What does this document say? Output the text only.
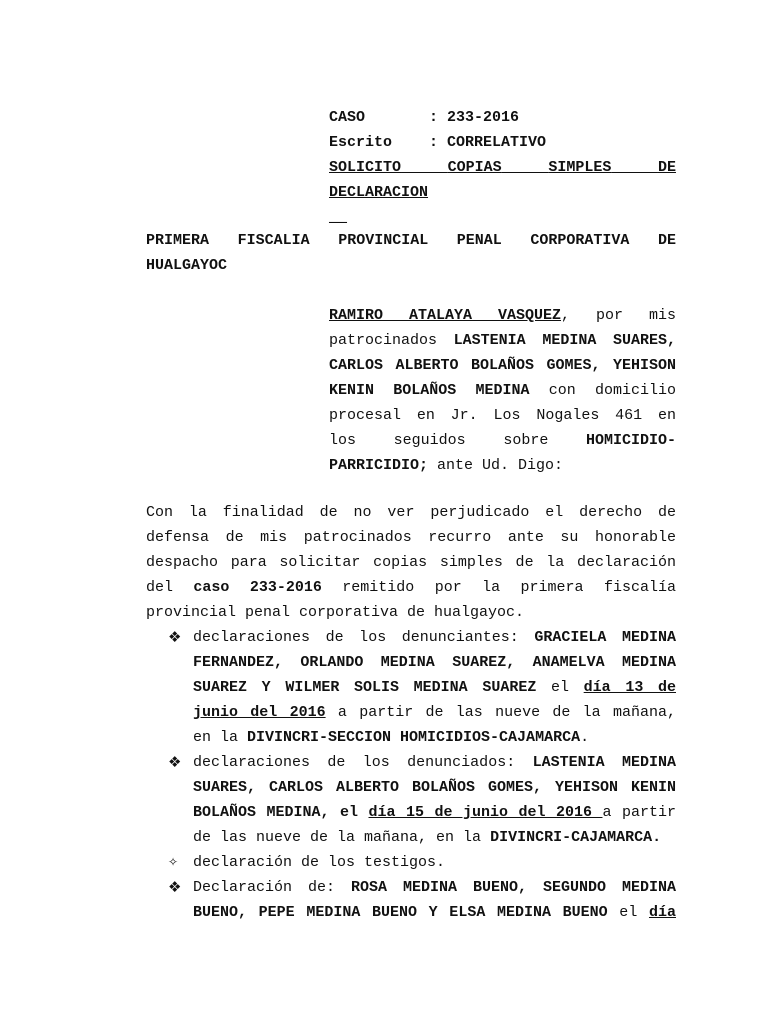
CASO	: 233-2016
Escrito	: CORRELATIVO
SOLICITO	COPIAS	SIMPLES	DE
DECLARACION
__
PRIMERA FISCALIA PROVINCIAL PENAL CORPORATIVA DE
HUALGAYOC
RAMIRO ATALAYA VASQUEZ, por mis
patrocinados LASTENIA MEDINA SUARES,
CARLOS ALBERTO BOLAÑOS GOMES, YEHISON
KENIN BOLAÑOS MEDINA con domicilio
procesal en Jr. Los Nogales 461 en
los seguidos sobre HOMICIDIO-
PARRICIDIO; ante Ud. Digo:
Con la finalidad de no ver perjudicado el derecho de
defensa de mis patrocinados recurro ante su honorable
despacho para solicitar copias simples de la declaración
del caso 233-2016 remitido por la primera fiscalía
provincial penal corporativa de hualgayoc.
❖ declaraciones de los denunciantes: GRACIELA MEDINA
FERNANDEZ, ORLANDO MEDINA SUAREZ, ANAMELVA MEDINA
SUAREZ Y WILMER SOLIS MEDINA SUAREZ el día 13 de
junio del 2016 a partir de las nueve de la mañana,
en la DIVINCRI-SECCION HOMICIDIOS-CAJAMARCA.
❖ declaraciones de los denunciados: LASTENIA MEDINA
SUARES, CARLOS ALBERTO BOLAÑOS GOMES, YEHISON KENIN
BOLAÑOS MEDINA, el día 15 de junio del 2016 a partir
de las nueve de la mañana, en la DIVINCRI-CAJAMARCA.
✧ declaración de los testigos.
❖ Declaración de: ROSA MEDINA BUENO, SEGUNDO MEDINA
BUENO, PEPE MEDINA BUENO Y ELSA MEDINA BUENO el día
